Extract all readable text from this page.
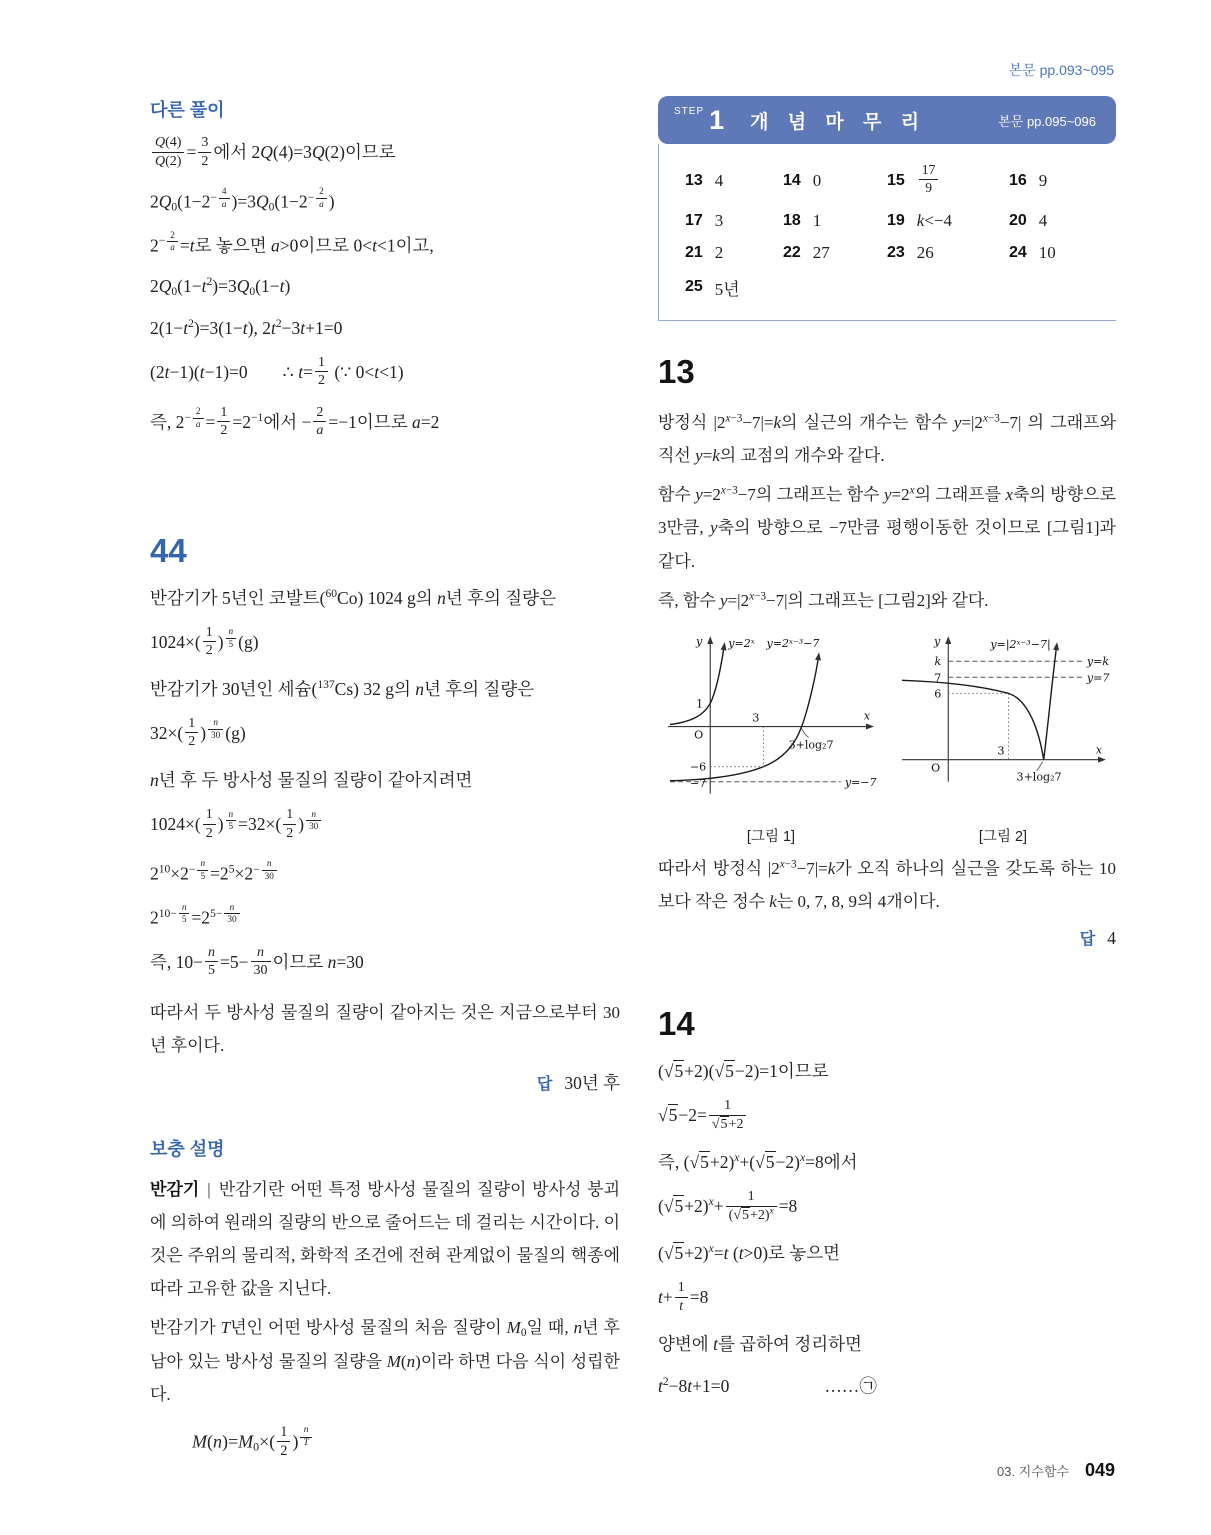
본문 pp.093~095
다른 풀이
$\frac{Q(4)}{Q(2)} = \frac{3}{2}$ 에서 2Q(4)=3Q(2)이므로
$2Q_0(1-2^{- \frac{4}{a}}$ )$=3Q_0(1-2^{- \frac{2}{a}}$ )
$2^{- \frac{2}{a}} =t$로 놓으면 a>0이므로 0<t<1이고,
$2Q_0(1-t^2)=3Q_0(1-t)$
$2(1-t^2)=3(1-t)$, $2t^2-3t+1=0$
(2t−1)(t−1)=0  ∴ $t= \frac{1}{2}$ (∵ 0<t<1)
즉, $2^{- \frac{2}{a}} = \frac{1}{2} =2^{-1}$에서 − $\frac{2}{a} =-1$이므로 a=2
44
반감기가 5년인 코발트($^{60}$Co) 1024 g의 n년 후의 질량은
$1024\times( \frac{1}{2}$ ) $^{\frac{n}{5}}$ (g)
반감기가 30년인 세슘($^{137}$Cs) 32 g의 n년 후의 질량은
$32\times( \frac{1}{2}$ ) $^{\frac{n}{30}}$ (g)
n년 후 두 방사성 물질의 질량이 같아지려면
$1024\times( \frac{1}{2}$ ) $^{\frac{n}{5}} =32\times( \frac{1}{2}$ ) $^{\frac{n}{30}}$
$2^{10}\times 2^{- \frac{n}{5}} =2^5\times 2^{- \frac{n}{30}}$
$2^{10- \frac{n}{5}} =2^{5- \frac{n}{30}}$
즉, $10- \frac{n}{5} =5- \frac{n}{30}$ 이므로 n=30

따라서 두 방사성 물질의 질량이 같아지는 것은 지금으로부터 30년 후이다.

답 30년 후
보충 설명

반감기 | 반감기란 어떤 특정 방사성 물질의 질량이 방사성 붕괴에 의하여 원래의 질량의 반으로 줄어드는 데 걸리는 시간이다. 이것은 주위의 물리적, 화학적 조건에 전혀 관계없이 물질의 핵종에 따라 고유한 값을 지닌다.

반감기가 T년인 어떤 방사성 물질의 처음 질량이 $M_0$일 때, n년 후 남아 있는 방사성 물질의 질량을 M(n)이라 하면 다음 식이 성립한다.

$M(n)=M_0\times( \frac{1}{2}$ ) $^{\frac{n}{T}}$
STEP 1 개 념 마 무 리	본문 pp.095~096
13 4	14 0	$15 \frac{17}{9}$	16 9
17 3	18 1	19 k<−4	20 4
21 2	22 27	23 26	24 10
25 5년
13

방정식 $|2^{x-3}-7|=k$의 실근의 개수는 함수 $y=|2^{x-3}-7|$ 의 그래프와 직선 y=k의 교점의 개수와 같다.

함수 $y=2^{x-3}-7$의 그래프는 함수 $y=2^x$의 그래프를 x축의 방향으로 3만큼, y축의 방향으로 −7만큼 평행이동한 것이므로 [그림1]과 같다.

즉, 함수 $y=|2^{x-3}-7|$의 그래프는 [그림2]와 같다.

y
x
y=2ˣ y=2ˣ⁻³−7
1
O
3
−6
−7	y=−7
3+log₂7
[그림 1]
y
x
y=|2ˣ⁻³−7|
k
7
y=k
y=7
6
O
3
3+log₂7
[그림 2]

따라서 방정식 $|2^{x-3}-7|=k$가 오직 하나의 실근을 갖도록 하는 10보다 작은 정수 k는 0, 7, 8, 9의 4개이다.

답 4
14
(√5+2)(√5−2)=1이므로
$√5-2= \frac{1}{√5+2}$
즉, $(√5+2)^x+(√5-2)^x=8$에서
$(√5+2)^x+ \frac{1}{(√5+2)^x} =8$
$(√5+2)^x=t$ (t>0)로 놓으면
$t+ \frac{1}{t} =8$
양변에 t를 곱하여 정리하면
$t^2-8t+1=0$	……㉠
03. 지수함수 049
